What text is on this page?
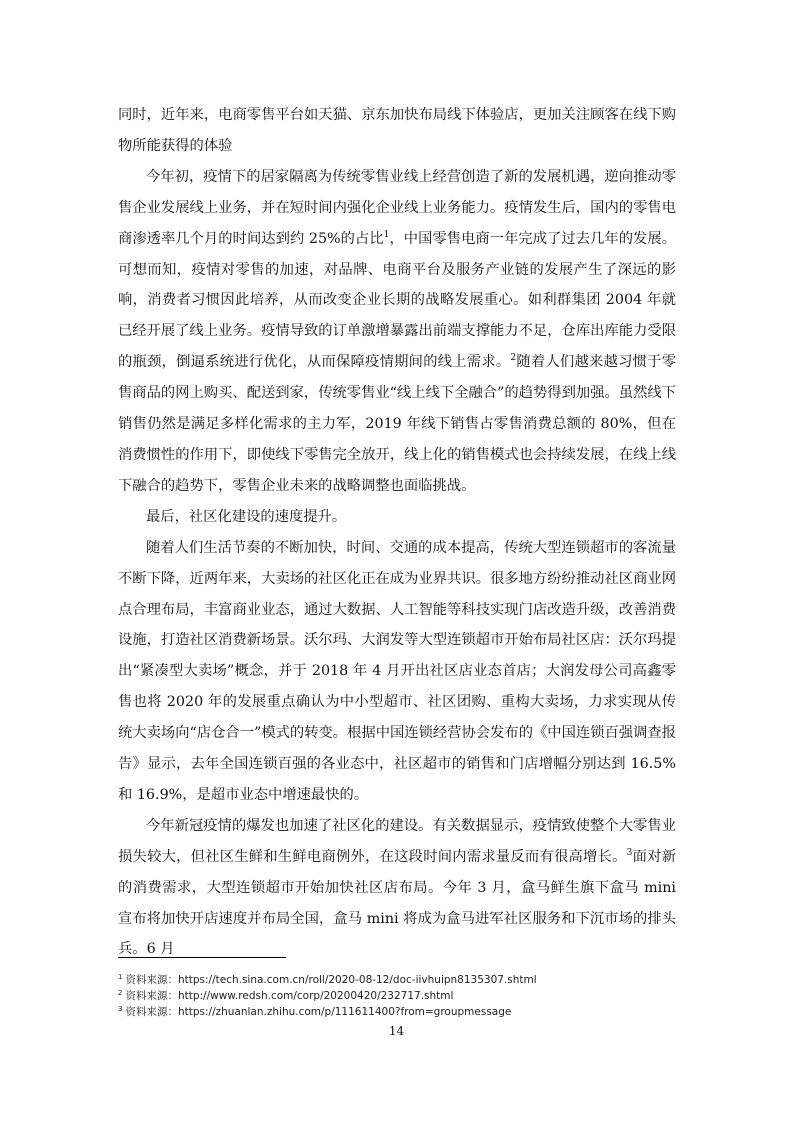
同时，近年来，电商零售平台如天猫、京东加快布局线下体验店，更加关注顾客在线下购物所能获得的体验

今年初，疫情下的居家隔离为传统零售业线上经营创造了新的发展机遇，逆向推动零售企业发展线上业务，并在短时间内强化企业线上业务能力。疫情发生后，国内的零售电商渗透率几个月的时间达到约 25%的占比$^1$，中国零售电商一年完成了过去几年的发展。可想而知，疫情对零售的加速，对品牌、电商平台及服务产业链的发展产生了深远的影响，消费者习惯因此培养，从而改变企业长期的战略发展重心。如利群集团 2004 年就已经开展了线上业务。疫情导致的订单激增暴露出前端支撑能力不足，仓库出库能力受限的瓶颈，倒逼系统进行优化，从而保障疫情期间的线上需求。$^2$随着人们越来越习惯于零售商品的网上购买、配送到家，传统零售业“线上线下全融合”的趋势得到加强。虽然线下销售仍然是满足多样化需求的主力军，2019 年线下销售占零售消费总额的 80%，但在消费惯性的作用下，即使线下零售完全放开，线上化的销售模式也会持续发展，在线上线下融合的趋势下，零售企业未来的战略调整也面临挑战。

最后，社区化建设的速度提升。

随着人们生活节奏的不断加快，时间、交通的成本提高，传统大型连锁超市的客流量不断下降，近两年来，大卖场的社区化正在成为业界共识。很多地方纷纷推动社区商业网点合理布局，丰富商业业态，通过大数据、人工智能等科技实现门店改造升级，改善消费设施，打造社区消费新场景。沃尔玛、大润发等大型连锁超市开始布局社区店：沃尔玛提出“紧凑型大卖场”概念，并于 2018 年 4 月开出社区店业态首店；大润发母公司高鑫零售也将 2020 年的发展重点确认为中小型超市、社区团购、重构大卖场，力求实现从传统大卖场向“店仓合一”模式的转变。根据中国连锁经营协会发布的《中国连锁百强调查报告》显示，去年全国连锁百强的各业态中，社区超市的销售和门店增幅分别达到 16.5%和 16.9%，是超市业态中增速最快的。

今年新冠疫情的爆发也加速了社区化的建设。有关数据显示，疫情致使整个大零售业损失较大，但社区生鲜和生鲜电商例外，在这段时间内需求量反而有很高增长。$^3$面对新的消费需求，大型连锁超市开始加快社区店布局。今年 3 月，盒马鲜生旗下盒马 mini 宣布将加快开店速度并布局全国，盒马 mini 将成为盒马进军社区服务和下沉市场的排头兵。6 月

$^1$ 资料来源：https://tech.sina.com.cn/roll/2020-08-12/doc-iivhuipn8135307.shtml
$^2$ 资料来源：http://www.redsh.com/corp/20200420/232717.shtml
$^3$ 资料来源：https://zhuanlan.zhihu.com/p/111611400?from=groupmessage
14
